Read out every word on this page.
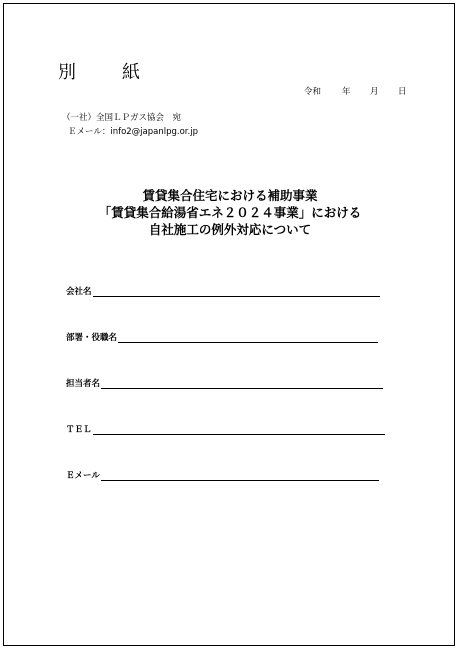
別　紙
令和 年 月 日
（一社）全国ＬＰガス協会　宛
Ｅメール：info2@japanlpg.or.jp
賃貸集合住宅における補助事業
「賃貸集合給湯省エネ２０２４事業」における
自社施工の例外対応について
会社名
部署・役職名
担当者名
ＴＥＬ
Ｅメール
